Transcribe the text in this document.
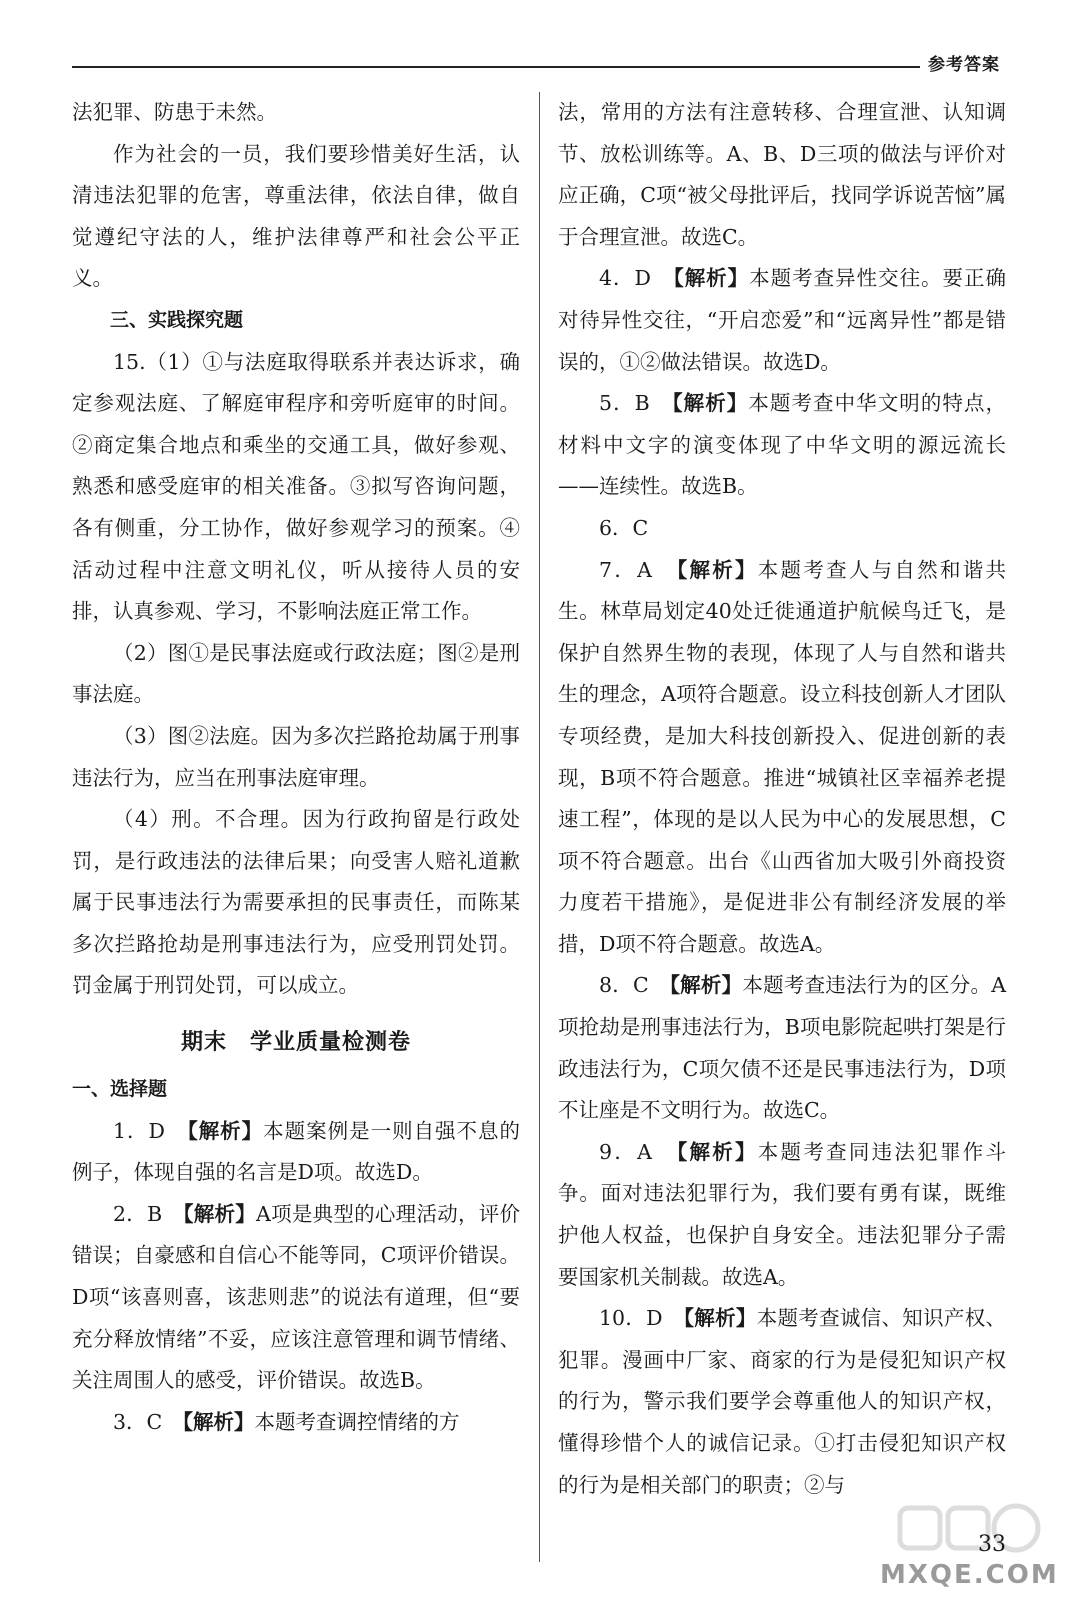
参考答案

法犯罪、防患于未然。

作为社会的一员，我们要珍惜美好生活，认清违法犯罪的危害，尊重法律，依法自律，做自觉遵纪守法的人，维护法律尊严和社会公平正义。

三、实践探究题

15.（1）①与法庭取得联系并表达诉求，确定参观法庭、了解庭审程序和旁听庭审的时间。②商定集合地点和乘坐的交通工具，做好参观、熟悉和感受庭审的相关准备。③拟写咨询问题，各有侧重，分工协作，做好参观学习的预案。④活动过程中注意文明礼仪，听从接待人员的安排，认真参观、学习，不影响法庭正常工作。

（2）图①是民事法庭或行政法庭；图②是刑事法庭。

（3）图②法庭。因为多次拦路抢劫属于刑事违法行为，应当在刑事法庭审理。

（4）刑。不合理。因为行政拘留是行政处罚，是行政违法的法律后果；向受害人赔礼道歉属于民事违法行为需要承担的民事责任，而陈某多次拦路抢劫是刑事违法行为，应受刑罚处罚。罚金属于刑罚处罚，可以成立。

期末　学业质量检测卷

一、选择题

1．D　 【解析】本题案例是一则自强不息的例子，体现自强的名言是D项。故选D。

2．B　 【解析】A项是典型的心理活动，评价错误；自豪感和自信心不能等同，C项评价错误。D项“该喜则喜，该悲则悲”的说法有道理，但“要充分释放情绪”不妥，应该注意管理和调节情绪、关注周围人的感受，评价错误。故选B。

3．C　 【解析】本题考查调控情绪的方

法，常用的方法有注意转移、合理宣泄、认知调节、放松训练等。A、B、D三项的做法与评价对应正确，C项“被父母批评后，找同学诉说苦恼”属于合理宣泄。故选C。

4．D　 【解析】本题考查异性交往。要正确对待异性交往，“开启恋爱”和“远离异性”都是错误的，①②做法错误。故选D。

5．B　 【解析】本题考查中华文明的特点，材料中文字的演变体现了中华文明的源远流长——连续性。故选B。

6．C

7．A　 【解析】本题考查人与自然和谐共生。林草局划定40处迁徙通道护航候鸟迁飞，是保护自然界生物的表现，体现了人与自然和谐共生的理念，A项符合题意。设立科技创新人才团队专项经费，是加大科技创新投入、促进创新的表现，B项不符合题意。推进“城镇社区幸福养老提速工程”，体现的是以人民为中心的发展思想，C项不符合题意。出台《山西省加大吸引外商投资力度若干措施》，是促进非公有制经济发展的举措，D项不符合题意。故选A。

8．C　 【解析】本题考查违法行为的区分。A项抢劫是刑事违法行为，B项电影院起哄打架是行政违法行为，C项欠债不还是民事违法行为，D项不让座是不文明行为。故选C。

9．A　 【解析】本题考查同违法犯罪作斗争。面对违法犯罪行为，我们要有勇有谋，既维护他人权益，也保护自身安全。违法犯罪分子需要国家机关制裁。故选A。

10．D　 【解析】本题考查诚信、知识产权、犯罪。漫画中厂家、商家的行为是侵犯知识产权的行为，警示我们要学会尊重他人的知识产权，懂得珍惜个人的诚信记录。①打击侵犯知识产权的行为是相关部门的职责；②与

33
MXQE.COM
